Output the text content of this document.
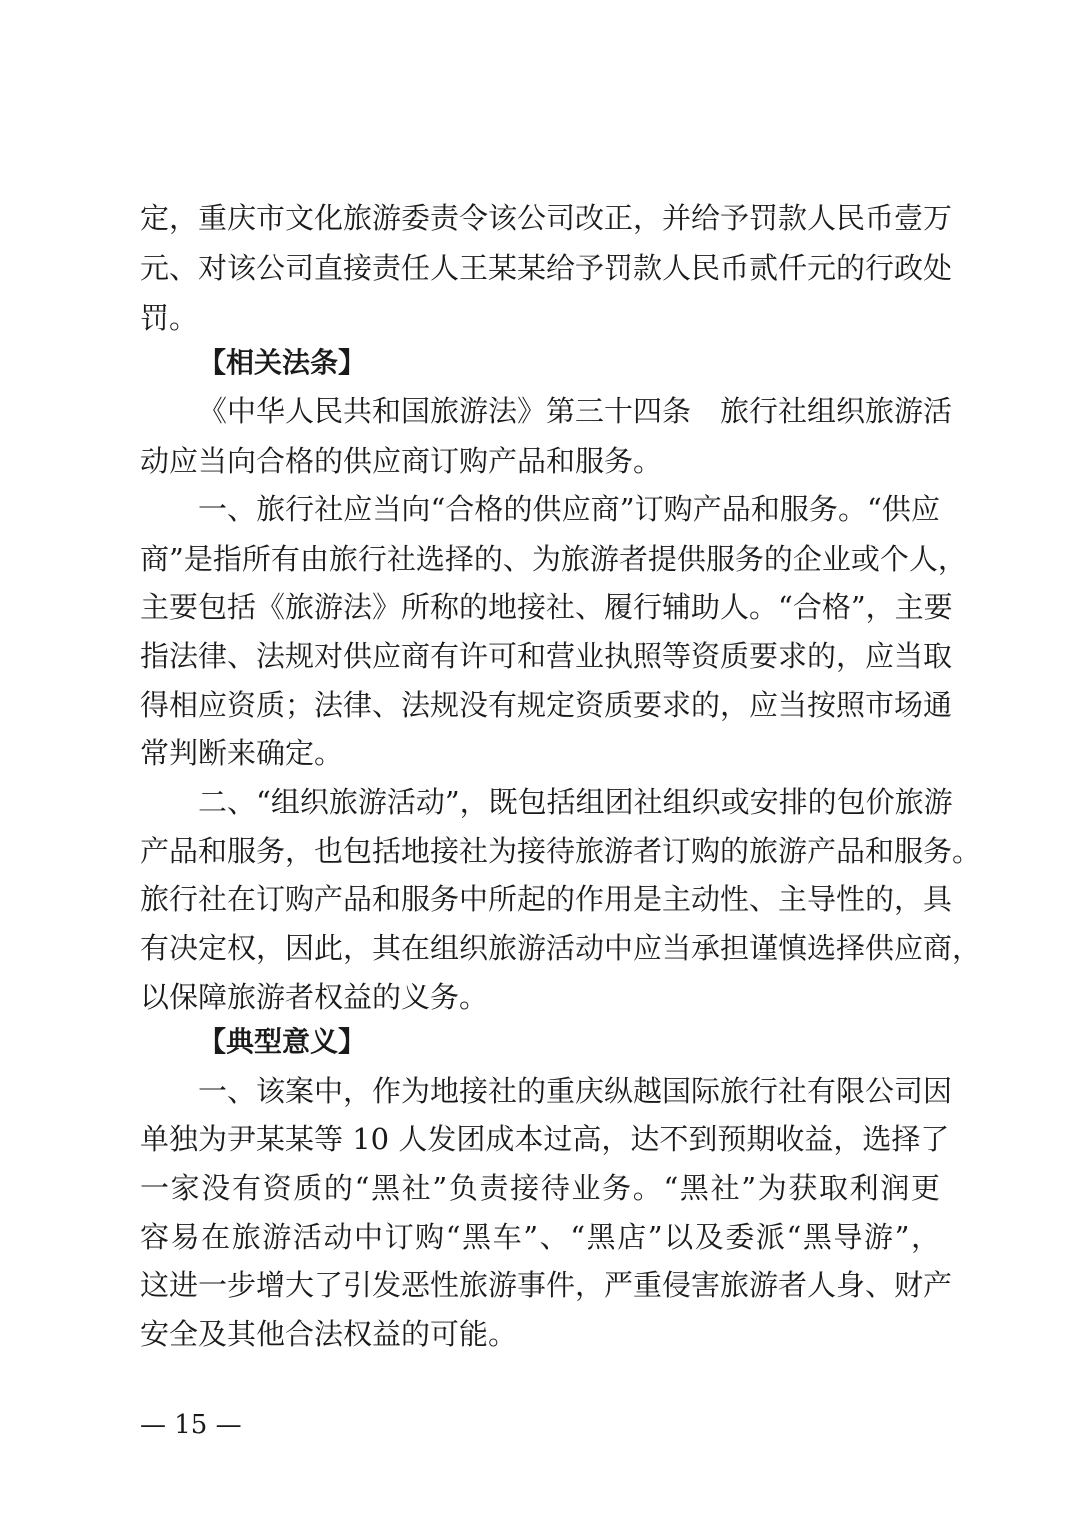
定，重庆市文化旅游委责令该公司改正，并给予罚款人民币壹万
元、对该公司直接责任人王某某给予罚款人民币贰仟元的行政处
罚。
【相关法条】
《中华人民共和国旅游法》第三十四条　旅行社组织旅游活
动应当向合格的供应商订购产品和服务。
一、旅行社应当向“合格的供应商”订购产品和服务。“供应
商”是指所有由旅行社选择的、为旅游者提供服务的企业或个人，
主要包括《旅游法》所称的地接社、履行辅助人。“合格”，主要
指法律、法规对供应商有许可和营业执照等资质要求的，应当取
得相应资质；法律、法规没有规定资质要求的，应当按照市场通
常判断来确定。
二、“组织旅游活动”，既包括组团社组织或安排的包价旅游
产品和服务，也包括地接社为接待旅游者订购的旅游产品和服务。
旅行社在订购产品和服务中所起的作用是主动性、主导性的，具
有决定权，因此，其在组织旅游活动中应当承担谨慎选择供应商，
以保障旅游者权益的义务。
【典型意义】
一、该案中，作为地接社的重庆纵越国际旅行社有限公司因
单独为尹某某等 10 人发团成本过高，达不到预期收益，选择了
一家没有资质的“黑社”负责接待业务。“黑社”为获取利润更
容易在旅游活动中订购“黑车”、“黑店”以及委派“黑导游”，
这进一步增大了引发恶性旅游事件，严重侵害旅游者人身、财产
安全及其他合法权益的可能。
— 15 —
